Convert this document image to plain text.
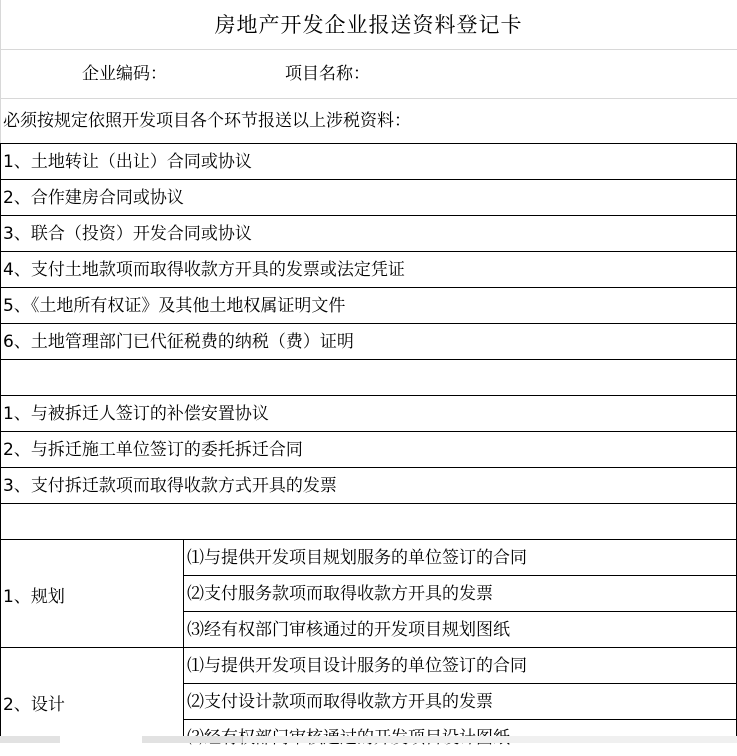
房地产开发企业报送资料登记卡
企业编码：	项目名称：
必须按规定依照开发项目各个环节报送以上涉税资料：
1、土地转让（出让）合同或协议
2、合作建房合同或协议
3、联合（投资）开发合同或协议
4、支付土地款项而取得收款方开具的发票或法定凭证
5、《土地所有权证》及其他土地权属证明文件
6、土地管理部门已代征税费的纳税（费）证明
1、与被拆迁人签订的补偿安置协议
2、与拆迁施工单位签订的委托拆迁合同
3、支付拆迁款项而取得收款方式开具的发票
1、规划
⑴与提供开发项目规划服务的单位签订的合同
⑵支付服务款项而取得收款方开具的发票
⑶经有权部门审核通过的开发项目规划图纸
2、设计
⑴与提供开发项目设计服务的单位签订的合同
⑵支付设计款项而取得收款方开具的发票
